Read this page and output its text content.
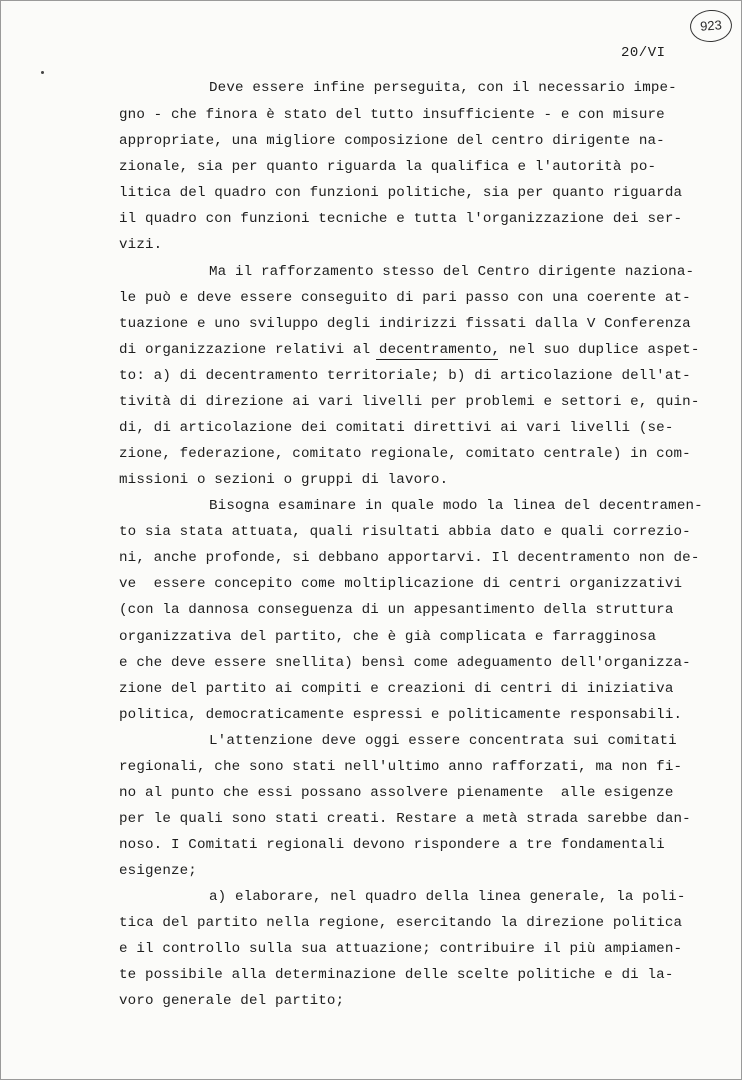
923
20/VI
Deve essere infine perseguita, con il necessario impe-
gno - che finora è stato del tutto insufficiente - e con misure
appropriate, una migliore composizione del centro dirigente na-
zionale, sia per quanto riguarda la qualifica e l'autorità po-
litica del quadro con funzioni politiche, sia per quanto riguarda
il quadro con funzioni tecniche e tutta l'organizzazione dei ser-
vizi.
Ma il rafforzamento stesso del Centro dirigente naziona-
le può e deve essere conseguito di pari passo con una coerente at-
tuazione e uno sviluppo degli indirizzi fissati dalla V Conferenza
di organizzazione relativi al decentramento, nel suo duplice aspet-
to: a) di decentramento territoriale; b) di articolazione dell'at-
tività di direzione ai vari livelli per problemi e settori e, quin-
di, di articolazione dei comitati direttivi ai vari livelli (se-
zione, federazione, comitato regionale, comitato centrale) in com-
missioni o sezioni o gruppi di lavoro.
Bisogna esaminare in quale modo la linea del decentramen-
to sia stata attuata, quali risultati abbia dato e quali correzio-
ni, anche profonde, si debbano apportarvi. Il decentramento non de-
ve  essere concepito come moltiplicazione di centri organizzativi
(con la dannosa conseguenza di un appesantimento della struttura
organizzativa del partito, che è già complicata e farragginosa
e che deve essere snellita) bensì come adeguamento dell'organizza-
zione del partito ai compiti e creazioni di centri di iniziativa
politica, democraticamente espressi e politicamente responsabili.
L'attenzione deve oggi essere concentrata sui comitati
regionali, che sono stati nell'ultimo anno rafforzati, ma non fi-
no al punto che essi possano assolvere pienamente  alle esigenze
per le quali sono stati creati. Restare a metà strada sarebbe dan-
noso. I Comitati regionali devono rispondere a tre fondamentali
esigenze;
a) elaborare, nel quadro della linea generale, la poli-
tica del partito nella regione, esercitando la direzione politica
e il controllo sulla sua attuazione; contribuire il più ampiamen-
te possibile alla determinazione delle scelte politiche e di la-
voro generale del partito;
